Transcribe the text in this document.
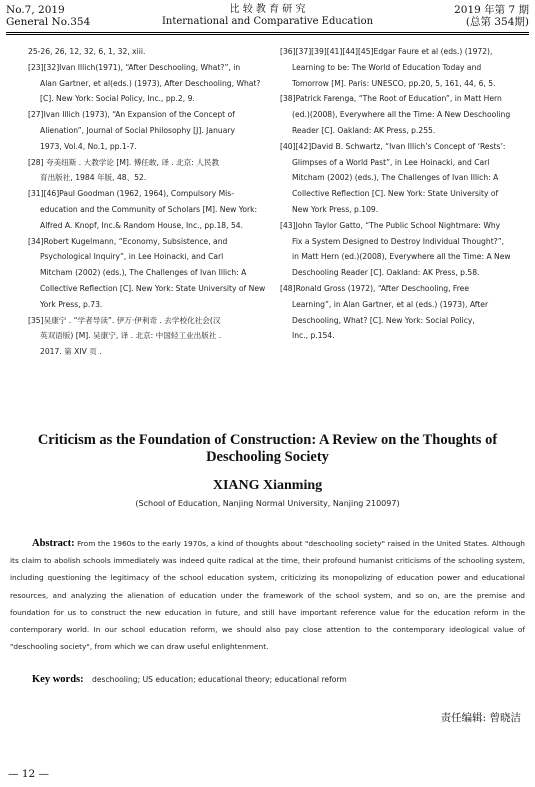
No.7, 2019
General No.354
比 较 教 育 研 究
International and Comparative Education
2019 年第 7 期
(总第 354期)
25-26, 26, 12, 32, 6, 1, 32, xiii.
[23][32]Ivan Illich(1971), “After Deschooling, What?”, in
Alan Gartner, et al(eds.) (1973), After Deschooling, What?
[C]. New York: Social Policy, Inc., pp.2, 9.
[27]Ivan Illich (1973), “An Expansion of the Concept of
Alienation”, Journal of Social Philosophy [J]. January
1973, Vol.4, No.1, pp.1-7.
[28] 夸美纽斯 . 大教学论 [M]. 傅任敢, 译 . 北京: 人民教
育出版社, 1984 年版, 48、52.
[31][46]Paul Goodman (1962, 1964), Compulsory Mis-
education and the Community of Scholars [M]. New York:
Alfred A. Knopf, Inc.& Random House, Inc., pp.18, 54.
[34]Robert Kugelmann, “Economy, Subsistence, and
Psychological Inquiry”, in Lee Hoinacki, and Carl
Mitcham (2002) (eds.), The Challenges of Ivan Illich: A
Collective Reflection [C]. New York: State University of New
York Press, p.73.
[35]吴康宁 . “学者导读”. 伊万·伊利奇 . 去学校化社会(汉
英双语版) [M]. 吴康宁, 译 . 北京: 中国轻工业出版社 .
2017. 第 XIV 页 .
[36][37][39][41][44][45]Edgar Faure et al (eds.) (1972),
Learning to be: The World of Education Today and
Tomorrow [M]. Paris: UNESCO, pp.20, 5, 161, 44, 6, 5.
[38]Patrick Farenga, “The Root of Education”, in Matt Hern
(ed.)(2008), Everywhere all the Time: A New Deschooling
Reader [C]. Oakland: AK Press, p.255.
[40][42]David B. Schwartz, “Ivan Illich’s Concept of ‘Rests’:
Glimpses of a World Past”, in Lee Hoinacki, and Carl
Mitcham (2002) (eds.), The Challenges of Ivan Illich: A
Collective Reflection [C]. New York: State University of
New York Press, p.109.
[43]John Taylor Gatto, “The Public School Nightmare: Why
Fix a System Designed to Destroy Individual Thought?”,
in Matt Hern (ed.)(2008), Everywhere all the Time: A New
Deschooling Reader [C]. Oakland: AK Press, p.58.
[48]Ronald Gross (1972), “After Deschooling, Free
Learning”, in Alan Gartner, et al (eds.) (1973), After
Deschooling, What? [C]. New York: Social Policy,
Inc., p.154.
Criticism as the Foundation of Construction: A Review on the Thoughts of Deschooling Society
XIANG Xianming
(School of Education, Nanjing Normal University, Nanjing 210097)
Abstract: From the 1960s to the early 1970s, a kind of thoughts about "deschooling society" raised in the United States. Although its claim to abolish schools immediately was indeed quite radical at the time, their profound humanist criticisms of the schooling system, including questioning the legitimacy of the school education system, criticizing its monopolizing of education power and educational resources, and analyzing the alienation of education under the framework of the school system, and so on, are the premise and foundation for us to construct the new education in future, and still have important reference value for the education reform in the contemporary world. In our school education reform, we should also pay close attention to the contemporary ideological value of "deschooling society", from which we can draw useful enlightenment.
Key words: deschooling; US education; educational theory; educational reform
责任编辑: 曾晓洁
— 12 —
